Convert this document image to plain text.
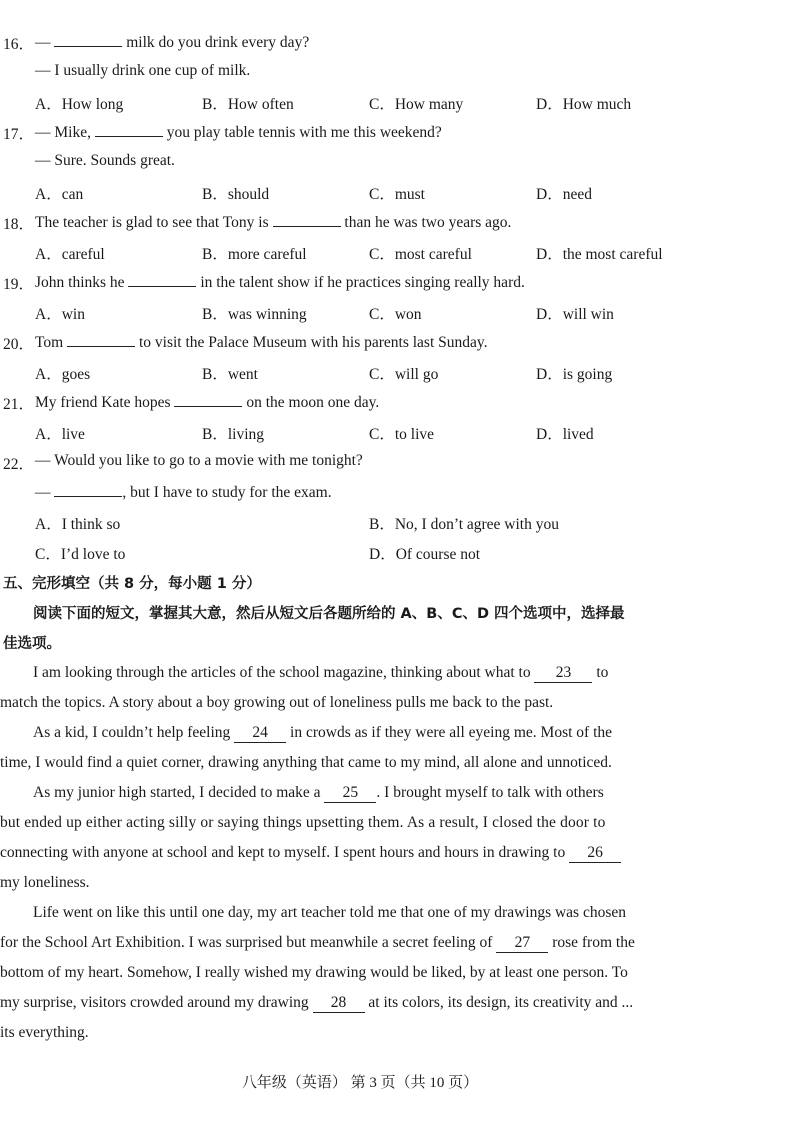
16． —	milk do you drink every day?
— I usually drink one cup of milk.
A．How long	B．How often	C．How many	D．How much
17． — Mike,	you play table tennis with me this weekend?
— Sure. Sounds great.
A．can	B．should	C．must	D．need
18． The teacher is glad to see that Tony is	than he was two years ago.
A．careful	B．more careful	C．most careful	D．the most careful
19． John thinks he	in the talent show if he practices singing really hard.
A．win	B．was winning	C．won	D．will win
20． Tom	to visit the Palace Museum with his parents last Sunday.
A．goes	B．went	C．will go	D．is going
21． My friend Kate hopes	on the moon one day.
A．live	B．living	C．to live	D．lived
22． — Would you like to go to a movie with me tonight?
—	, but I have to study for the exam.
A．I think so	B．No, I don’t agree with you
C．I’d love to	D．Of course not
五、完形填空（共 8 分，每小题 1 分）
阅读下面的短文，掌握其大意，然后从短文后各题所给的 A、B、C、D 四个选项中，选择最
佳选项。
I am looking through the articles of the school magazine, thinking about what to 23 to
match the topics. A story about a boy growing out of loneliness pulls me back to the past.
As a kid, I couldn’t help feeling 24 in crowds as if they were all eyeing me. Most of the
time, I would find a quiet corner, drawing anything that came to my mind, all alone and unnoticed.
As my junior high started, I decided to make a 25 . I brought myself to talk with others
but ended up either acting silly or saying things upsetting them. As a result, I closed the door to
connecting with anyone at school and kept to myself. I spent hours and hours in drawing to 26
my loneliness.
Life went on like this until one day, my art teacher told me that one of my drawings was chosen
for the School Art Exhibition. I was surprised but meanwhile a secret feeling of 27 rose from the
bottom of my heart. Somehow, I really wished my drawing would be liked, by at least one person. To
my surprise, visitors crowded around my drawing 28 at its colors, its design, its creativity and ...
its everything.
八年级（英语） 第 3 页（共 10 页）
